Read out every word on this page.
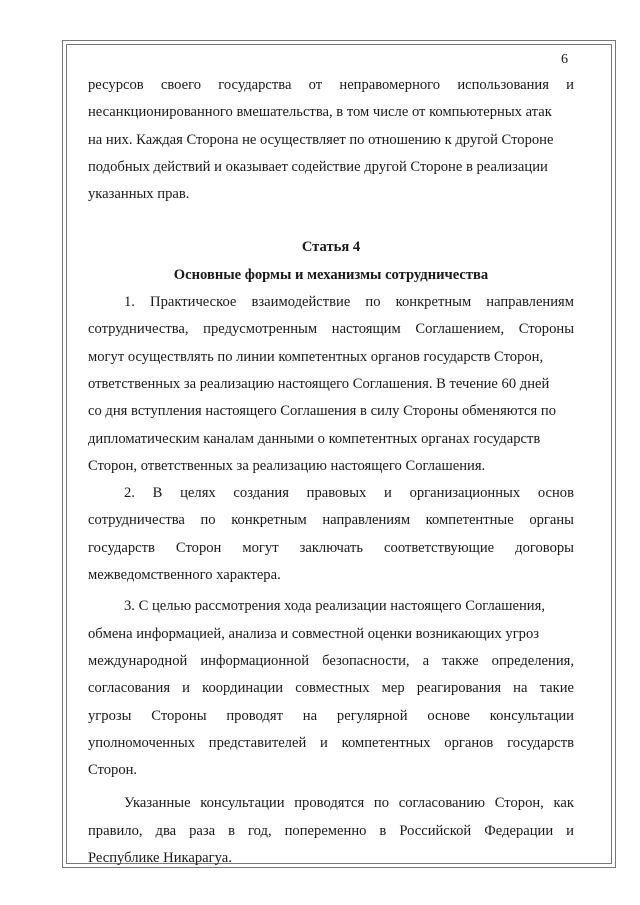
6
ресурсов своего государства от неправомерного использования и
несанкционированного вмешательства, в том числе от компьютерных атак
на них. Каждая Сторона не осуществляет по отношению к другой Стороне
подобных действий и оказывает содействие другой Стороне в реализации
указанных прав.
Статья 4
Основные формы и механизмы сотрудничества
1. Практическое взаимодействие по конкретным направлениям
сотрудничества, предусмотренным настоящим Соглашением, Стороны
могут осуществлять по линии компетентных органов государств Сторон,
ответственных за реализацию настоящего Соглашения. В течение 60 дней
со дня вступления настоящего Соглашения в силу Стороны обменяются по
дипломатическим каналам данными о компетентных органах государств
Сторон, ответственных за реализацию настоящего Соглашения.
2. В целях создания правовых и организационных основ
сотрудничества по конкретным направлениям компетентные органы
государств Сторон могут заключать соответствующие договоры
межведомственного характера.
3. С целью рассмотрения хода реализации настоящего Соглашения,
обмена информацией, анализа и совместной оценки возникающих угроз
международной информационной безопасности, а также определения,
согласования и координации совместных мер реагирования на такие
угрозы Стороны проводят на регулярной основе консультации
уполномоченных представителей и компетентных органов государств
Сторон.
Указанные консультации проводятся по согласованию Сторон, как
правило, два раза в год, попеременно в Российской Федерации и
Республике Никарагуа.
